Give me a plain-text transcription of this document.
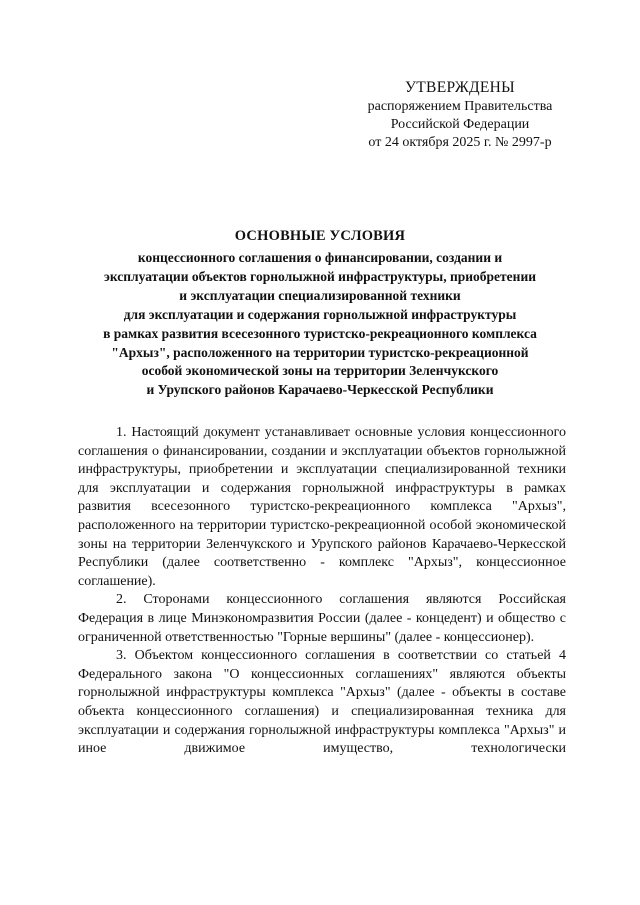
УТВЕРЖДЕНЫ
распоряжением Правительства
Российской Федерации
от 24 октября 2025 г. № 2997-р
ОСНОВНЫЕ УСЛОВИЯ
концессионного соглашения о финансировании, создании и
эксплуатации объектов горнолыжной инфраструктуры, приобретении
и эксплуатации специализированной техники
для эксплуатации и содержания горнолыжной инфраструктуры
в рамках развития всесезонного туристско-рекреационного комплекса
"Архыз", расположенного на территории туристско-рекреационной
особой экономической зоны на территории Зеленчукского
и Урупского районов Карачаево-Черкесской Республики

1. Настоящий документ устанавливает основные условия концессионного соглашения о финансировании, создании и эксплуатации объектов горнолыжной инфраструктуры, приобретении и эксплуатации специализированной техники для эксплуатации и содержания горнолыжной инфраструктуры в рамках развития всесезонного туристско-рекреационного комплекса "Архыз", расположенного на территории туристско-рекреационной особой экономической зоны на территории Зеленчукского и Урупского районов Карачаево-Черкесской Республики (далее соответственно - комплекс "Архыз", концессионное соглашение).

2. Сторонами концессионного соглашения являются Российская Федерация в лице Минэкономразвития России (далее - концедент) и общество с ограниченной ответственностью "Горные вершины" (далее - концессионер).

3. Объектом концессионного соглашения в соответствии со статьей 4 Федерального закона "О концессионных соглашениях" являются объекты горнолыжной инфраструктуры комплекса "Архыз" (далее - объекты в составе объекта концессионного соглашения) и специализированная техника для эксплуатации и содержания горнолыжной инфраструктуры комплекса "Архыз" и иное движимое имущество, технологически
